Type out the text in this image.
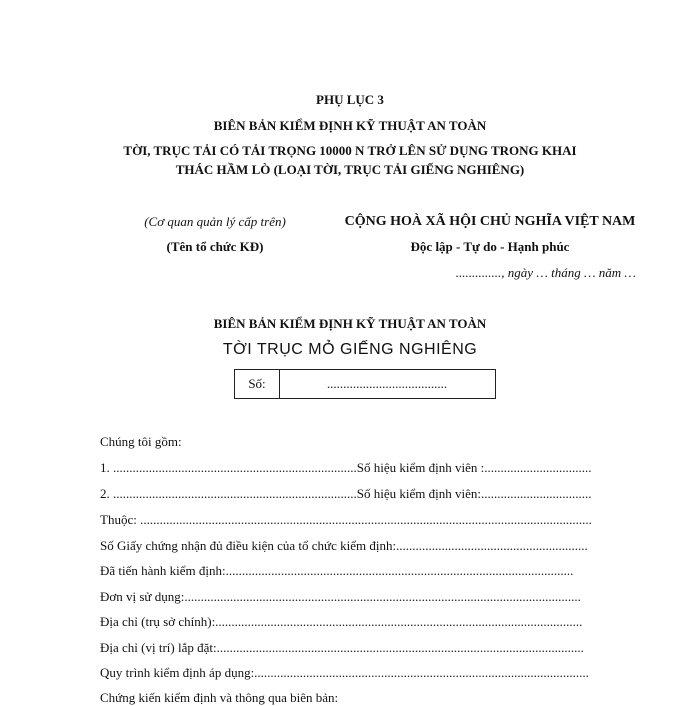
PHỤ LỤC 3
BIÊN BẢN KIỂM ĐỊNH KỸ THUẬT AN TOÀN
TỜI, TRỤC TẢI CÓ TẢI TRỌNG 10000 N TRỞ LÊN SỬ DỤNG TRONG KHAI
THÁC HẦM LÒ (LOẠI TỜI, TRỤC TẢI GIẾNG NGHIÊNG)
(Cơ quan quản lý cấp trên)
(Tên tổ chức KĐ)
CỘNG HOÀ XÃ HỘI CHỦ NGHĨA VIỆT NAM
Độc lập - Tự do - Hạnh phúc
.............., ngày … tháng … năm …
BIÊN BẢN KIỂM ĐỊNH KỸ THUẬT AN TOÀN
TỜI TRỤC MỎ GIẾNG NGHIÊNG
Số:	.....................................
Chúng tôi gồm:
1. ...........................................................................Số hiệu kiểm định viên :.................................
2. ...........................................................................Số hiệu kiểm định viên:..................................
Thuộc: ...........................................................................................................................................
Số Giấy chứng nhận đủ điều kiện của tổ chức kiểm định:...........................................................
Đã tiến hành kiểm định:...........................................................................................................
Đơn vị sử dụng:..........................................................................................................................
Địa chỉ (trụ sở chính):.................................................................................................................
Địa chỉ (vị trí) lắp đặt:.................................................................................................................
Quy trình kiểm định áp dụng:.......................................................................................................
Chứng kiến kiểm định và thông qua biên bản:
